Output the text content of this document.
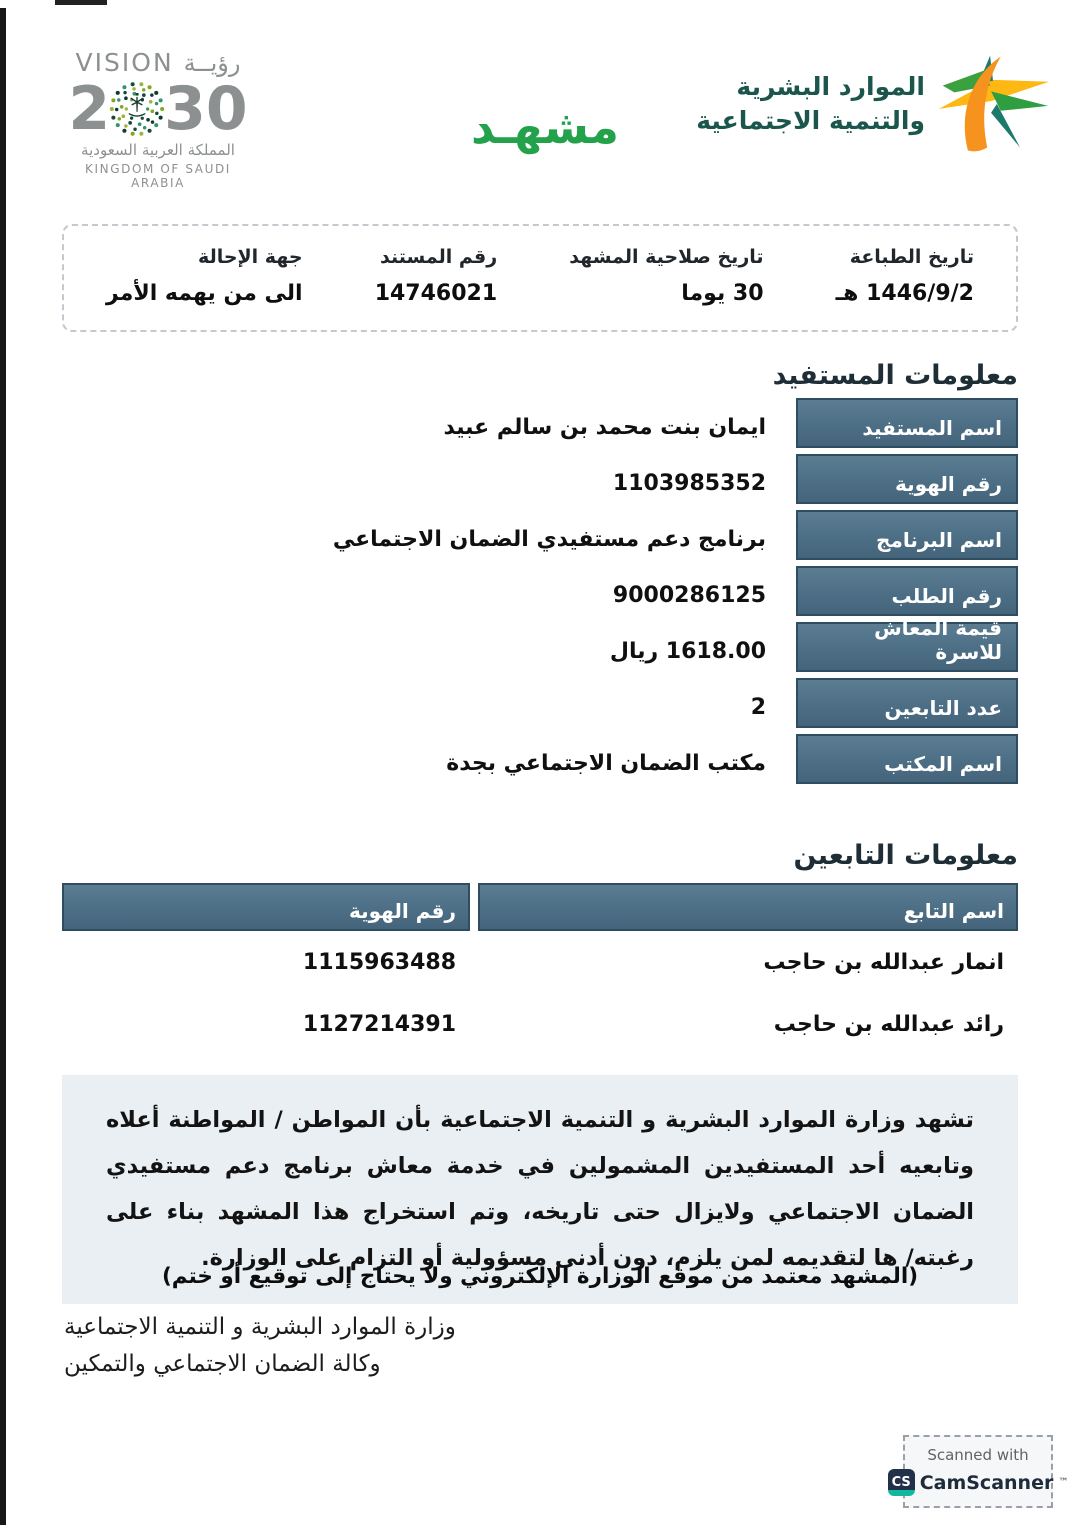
VISION رؤيــة
2 30
المملكة العربية السعودية
KINGDOM OF SAUDI ARABIA
مشهـد
الموارد البشرية
والتنمية الاجتماعية
تاريخ الطباعة
1446/9/2 هـ
تاريخ صلاحية المشهد
30 يوما
رقم المستند
14746021
جهة الإحالة
الى من يهمه الأمر
معلومات المستفيد
اسم المستفيد
ايمان بنت محمد بن سالم عبيد
رقم الهوية
1103985352
اسم البرنامج
برنامج دعم مستفيدي الضمان الاجتماعي
رقم الطلب
9000286125
قيمة المعاش للاسرة
1618.00 ريال
عدد التابعين
2
اسم المكتب
مكتب الضمان الاجتماعي بجدة
معلومات التابعين
اسم التابع
رقم الهوية
انمار عبدالله بن حاجب
1115963488
رائد عبدالله بن حاجب
1127214391
تشهد وزارة الموارد البشرية و التنمية الاجتماعية بأن المواطن / المواطنة أعلاه وتابعيه أحد المستفيدين المشمولين في خدمة معاش برنامج دعم مستفيدي الضمان الاجتماعي ولايزال حتى تاريخه، وتم استخراج هذا المشهد بناء على رغبته/ ها لتقديمه لمن يلزم، دون أدنى مسؤولية أو التزام على الوزارة.
(المشهد معتمد من موقع الوزارة الإلكتروني ولا يحتاج إلى توقيع أو ختم)
وزارة الموارد البشرية و التنمية الاجتماعية
وكالة الضمان الاجتماعي والتمكين
Scanned with
CS CamScanner ™
